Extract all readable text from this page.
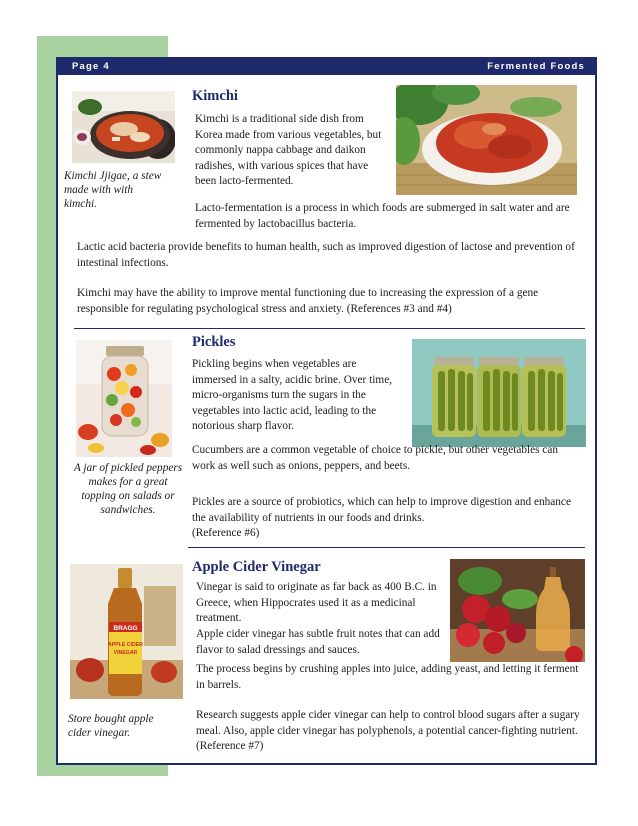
Page 4	Fermented Foods
Kimchi Jjigae, a stew made with with kimchi.
Kimchi
Kimchi is a traditional side dish from Korea made from various vegetables, but commonly nappa cabbage and daikon radishes, with various spices that have been lacto-fermented.
Lacto-fermentation is a process in which foods are submerged in salt water and are fermented by lactobacillus bacteria.
Lactic acid bacteria provide benefits to human health, such as improved digestion of lactose and prevention of intestinal infections.
Kimchi may have the ability to improve mental functioning due to increasing the expression of a gene responsible for regulating psychological stress and anxiety. (References #3 and #4)
A jar of pickled peppers makes for a great topping on salads or sandwiches.
Pickles
Pickling begins when vegetables are immersed in a salty, acidic brine. Over time, micro-organisms turn the sugars in the vegetables into lactic acid, leading to the notorious sharp flavor.
Cucumbers are a common vegetable of choice to pickle, but other vegetables can work as well such as onions, peppers, and beets.
Pickles are a source of probiotics, which can help to improve digestion and enhance the availability of nutrients in our foods and drinks.
(Reference #6)
BRAGG
APPLE CIDER
VINEGAR
Store bought apple cider vinegar.
Apple Cider Vinegar
Vinegar is said to originate as far back as 400 B.C. in Greece, when Hippocrates used it as a medicinal treatment.
Apple cider vinegar has subtle fruit notes that can add flavor to salad dressings and sauces.
The process begins by crushing apples into juice, adding yeast, and letting it ferment in barrels.
Research suggests apple cider vinegar can help to control blood sugars after a sugary meal. Also, apple cider vinegar has polyphenols, a potential cancer-fighting nutrient. (Reference #7)
